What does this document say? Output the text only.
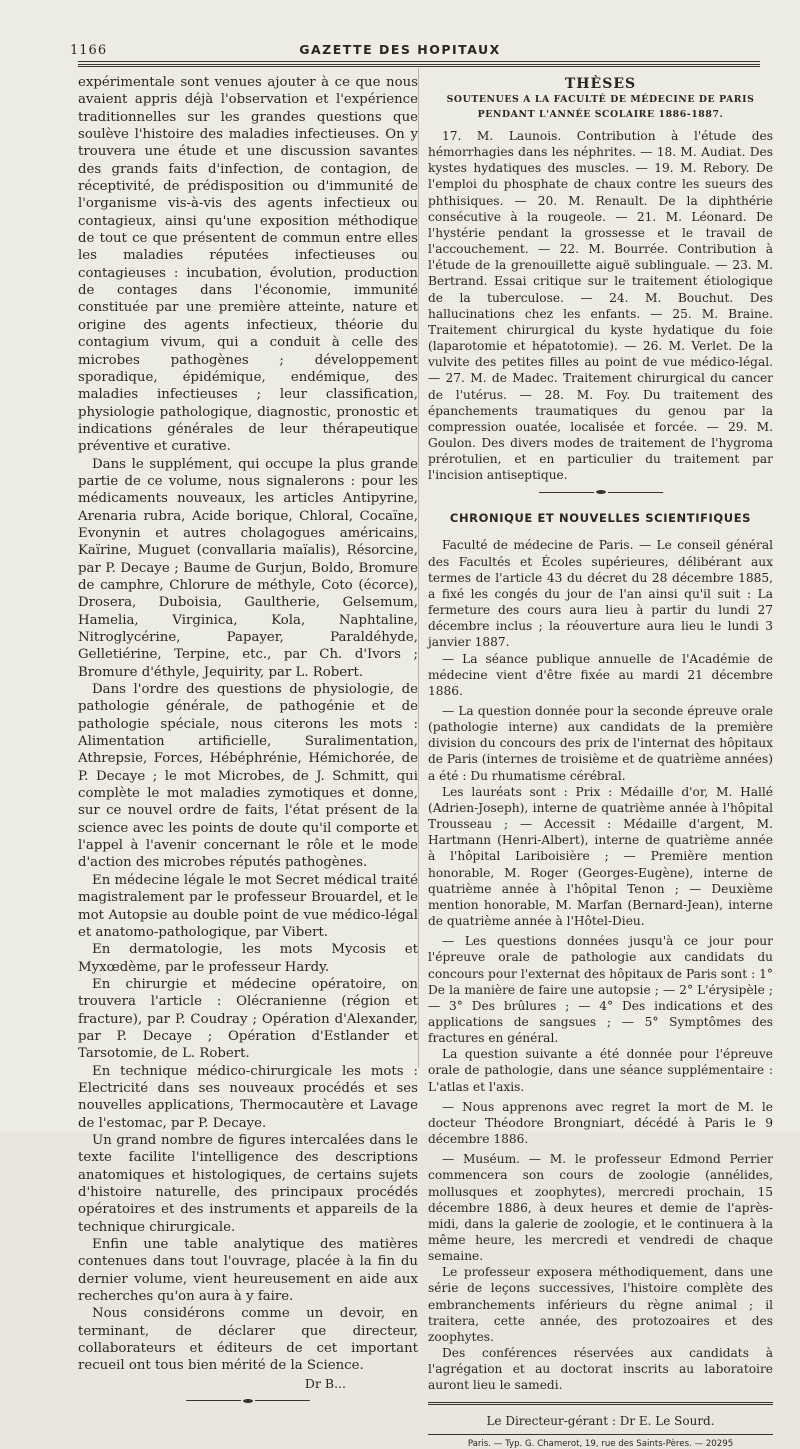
1166	GAZETTE DES HOPITAUX

expérimentale sont venues ajouter à ce que nous avaient appris déjà l'observation et l'expérience traditionnelles sur les grandes questions que soulève l'histoire des maladies infectieuses. On y trouvera une étude et une discussion savantes des grands faits d'infection, de contagion, de réceptivité, de prédisposition ou d'immunité de l'organisme vis-à-vis des agents infectieux ou contagieux, ainsi qu'une exposition méthodique de tout ce que présentent de commun entre elles les maladies réputées infectieuses ou contagieuses : incubation, évolution, production de contages dans l'économie, immunité constituée par une première atteinte, nature et origine des agents infectieux, théorie du contagium vivum, qui a conduit à celle des microbes pathogènes ; développement sporadique, épidémique, endémique, des maladies infectieuses ; leur classification, physiologie pathologique, diagnostic, pronostic et indications générales de leur thérapeutique préventive et curative.

Dans le supplément, qui occupe la plus grande partie de ce volume, nous signalerons : pour les médicaments nouveaux, les articles Antipyrine, Arenaria rubra, Acide borique, Chloral, Cocaïne, Evonynin et autres cholagogues américains, Kaïrine, Muguet (convallaria maïalis), Résorcine, par P. Decaye ; Baume de Gurjun, Boldo, Bromure de camphre, Chlorure de méthyle, Coto (écorce), Drosera, Duboisia, Gaultherie, Gelsemum, Hamelia, Virginica, Kola, Naphtaline, Nitroglycérine, Papayer, Paraldéhyde, Gelletiérine, Terpine, etc., par Ch. d'Ivors ; Bromure d'éthyle, Jequirity, par L. Robert.

Dans l'ordre des questions de physiologie, de pathologie générale, de pathogénie et de pathologie spéciale, nous citerons les mots : Alimentation artificielle, Suralimentation, Athrepsie, Forces, Hébéphrénie, Hémichorée, de P. Decaye ; le mot Microbes, de J. Schmitt, qui complète le mot maladies zymotiques et donne, sur ce nouvel ordre de faits, l'état présent de la science avec les points de doute qu'il comporte et l'appel à l'avenir concernant le rôle et le mode d'action des microbes réputés pathogènes.

En médecine légale le mot Secret médical traité magistralement par le professeur Brouardel, et le mot Autopsie au double point de vue médico-légal et anatomo-pathologique, par Vibert.

En dermatologie, les mots Mycosis et Myxœdème, par le professeur Hardy.

En chirurgie et médecine opératoire, on trouvera l'article : Olécranienne (région et fracture), par P. Coudray ; Opération d'Alexander, par P. Decaye ; Opération d'Estlander et Tarsotomie, de L. Robert.

En technique médico-chirurgicale les mots : Electricité dans ses nouveaux procédés et ses nouvelles applications, Thermocautère et Lavage de l'estomac, par P. Decaye.

Un grand nombre de figures intercalées dans le texte facilite l'intelligence des descriptions anatomiques et histologiques, de certains sujets d'histoire naturelle, des principaux procédés opératoires et des instruments et appareils de la technique chirurgicale.

Enfin une table analytique des matières contenues dans tout l'ouvrage, placée à la fin du dernier volume, vient heureusement en aide aux recherches qu'on aura à y faire.

Nous considérons comme un devoir, en terminant, de déclarer que directeur, collaborateurs et éditeurs de cet important recueil ont tous bien mérité de la Science.

Dr B...
THÈSES
SOUTENUES A LA FACULTÉ DE MÉDECINE DE PARIS
PENDANT L'ANNÉE SCOLAIRE 1886-1887.

17. M. Launois. Contribution à l'étude des hémorrhagies dans les néphrites. — 18. M. Audiat. Des kystes hydatiques des muscles. — 19. M. Rebory. De l'emploi du phosphate de chaux contre les sueurs des phthisiques. — 20. M. Renault. De la diphthérie consécutive à la rougeole. — 21. M. Léonard. De l'hystérie pendant la grossesse et le travail de l'accouchement. — 22. M. Bourrée. Contribution à l'étude de la grenouillette aiguë sublinguale. — 23. M. Bertrand. Essai critique sur le traitement étiologique de la tuberculose. — 24. M. Bouchut. Des hallucinations chez les enfants. — 25. M. Braine. Traitement chirurgical du kyste hydatique du foie (laparotomie et hépatotomie). — 26. M. Verlet. De la vulvite des petites filles au point de vue médico-légal. — 27. M. de Madec. Traitement chirurgical du cancer de l'utérus. — 28. M. Foy. Du traitement des épanchements traumatiques du genou par la compression ouatée, localisée et forcée. — 29. M. Goulon. Des divers modes de traitement de l'hygroma prérotulien, et en particulier du traitement par l'incision antiseptique.

CHRONIQUE ET NOUVELLES SCIENTIFIQUES

Faculté de médecine de Paris. — Le conseil général des Facultés et Écoles supérieures, délibérant aux termes de l'article 43 du décret du 28 décembre 1885, a fixé les congés du jour de l'an ainsi qu'il suit : La fermeture des cours aura lieu à partir du lundi 27 décembre inclus ; la réouverture aura lieu le lundi 3 janvier 1887.

— La séance publique annuelle de l'Académie de médecine vient d'être fixée au mardi 21 décembre 1886.

— La question donnée pour la seconde épreuve orale (pathologie interne) aux candidats de la première division du concours des prix de l'internat des hôpitaux de Paris (internes de troisième et de quatrième années) a été : Du rhumatisme cérébral.

Les lauréats sont : Prix : Médaille d'or, M. Hallé (Adrien-Joseph), interne de quatrième année à l'hôpital Trousseau ; — Accessit : Médaille d'argent, M. Hartmann (Henri-Albert), interne de quatrième année à l'hôpital Lariboisière ; — Première mention honorable, M. Roger (Georges-Eugène), interne de quatrième année à l'hôpital Tenon ; — Deuxième mention honorable, M. Marfan (Bernard-Jean), interne de quatrième année à l'Hôtel-Dieu.

— Les questions données jusqu'à ce jour pour l'épreuve orale de pathologie aux candidats du concours pour l'externat des hôpitaux de Paris sont : 1° De la manière de faire une autopsie ; — 2° L'érysipèle ; — 3° Des brûlures ; — 4° Des indications et des applications de sangsues ; — 5° Symptômes des fractures en général.

La question suivante a été donnée pour l'épreuve orale de pathologie, dans une séance supplémentaire : L'atlas et l'axis.

— Nous apprenons avec regret la mort de M. le docteur Théodore Brongniart, décédé à Paris le 9 décembre 1886.

— Muséum. — M. le professeur Edmond Perrier commencera son cours de zoologie (annélides, mollusques et zoophytes), mercredi prochain, 15 décembre 1886, à deux heures et demie de l'après-midi, dans la galerie de zoologie, et le continuera à la même heure, les mercredi et vendredi de chaque semaine.

Le professeur exposera méthodiquement, dans une série de leçons successives, l'histoire complète des embranchements inférieurs du règne animal ; il traitera, cette année, des protozoaires et des zoophytes.

Des conférences réservées aux candidats à l'agrégation et au doctorat inscrits au laboratoire auront lieu le samedi.

Le Directeur-gérant : Dr E. Le Sourd.
Paris. — Typ. G. Chamerot, 19, rue des Saints-Pères. — 20295
